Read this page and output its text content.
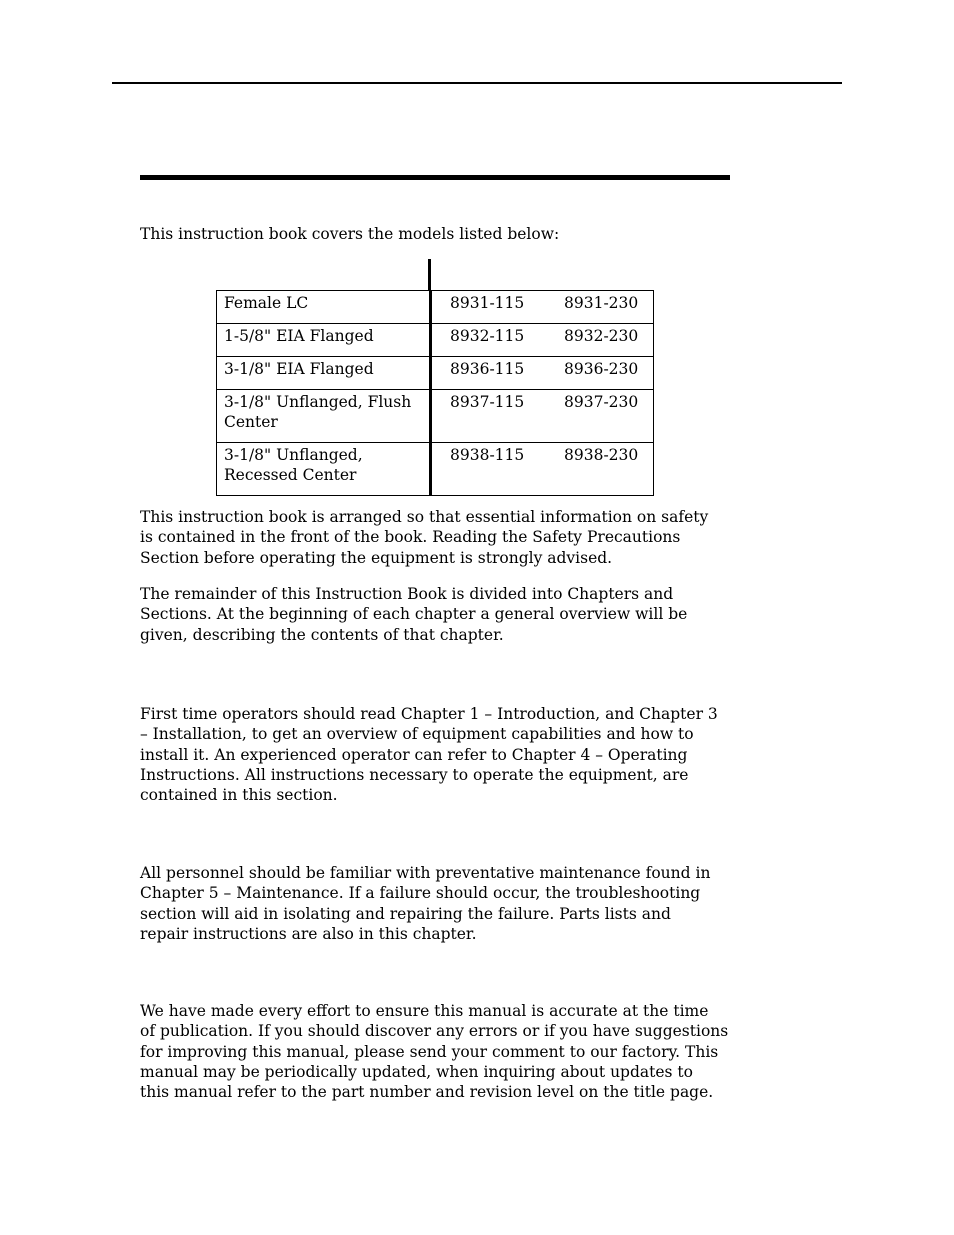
This instruction book covers the models listed below:

Female LC	8931-115	8931-230
1-5/8" EIA Flanged	8932-115	8932-230
3-1/8" EIA Flanged	8936-115	8936-230
3-1/8" Unflanged, Flush
Center	8937-115	8937-230
3-1/8" Unflanged,
Recessed Center	8938-115	8938-230

This instruction book is arranged so that essential information on safety
is contained in the front of the book. Reading the Safety Precautions
Section before operating the equipment is strongly advised.

The remainder of this Instruction Book is divided into Chapters and
Sections. At the beginning of each chapter a general overview will be
given, describing the contents of that chapter.

First time operators should read Chapter 1 – Introduction, and Chapter 3
– Installation, to get an overview of equipment capabilities and how to
install it. An experienced operator can refer to Chapter 4 – Operating
Instructions. All instructions necessary to operate the equipment, are
contained in this section.

All personnel should be familiar with preventative maintenance found in
Chapter 5 – Maintenance. If a failure should occur, the troubleshooting
section will aid in isolating and repairing the failure. Parts lists and
repair instructions are also in this chapter.

We have made every effort to ensure this manual is accurate at the time
of publication. If you should discover any errors or if you have suggestions
for improving this manual, please send your comment to our factory. This
manual may be periodically updated, when inquiring about updates to
this manual refer to the part number and revision level on the title page.
